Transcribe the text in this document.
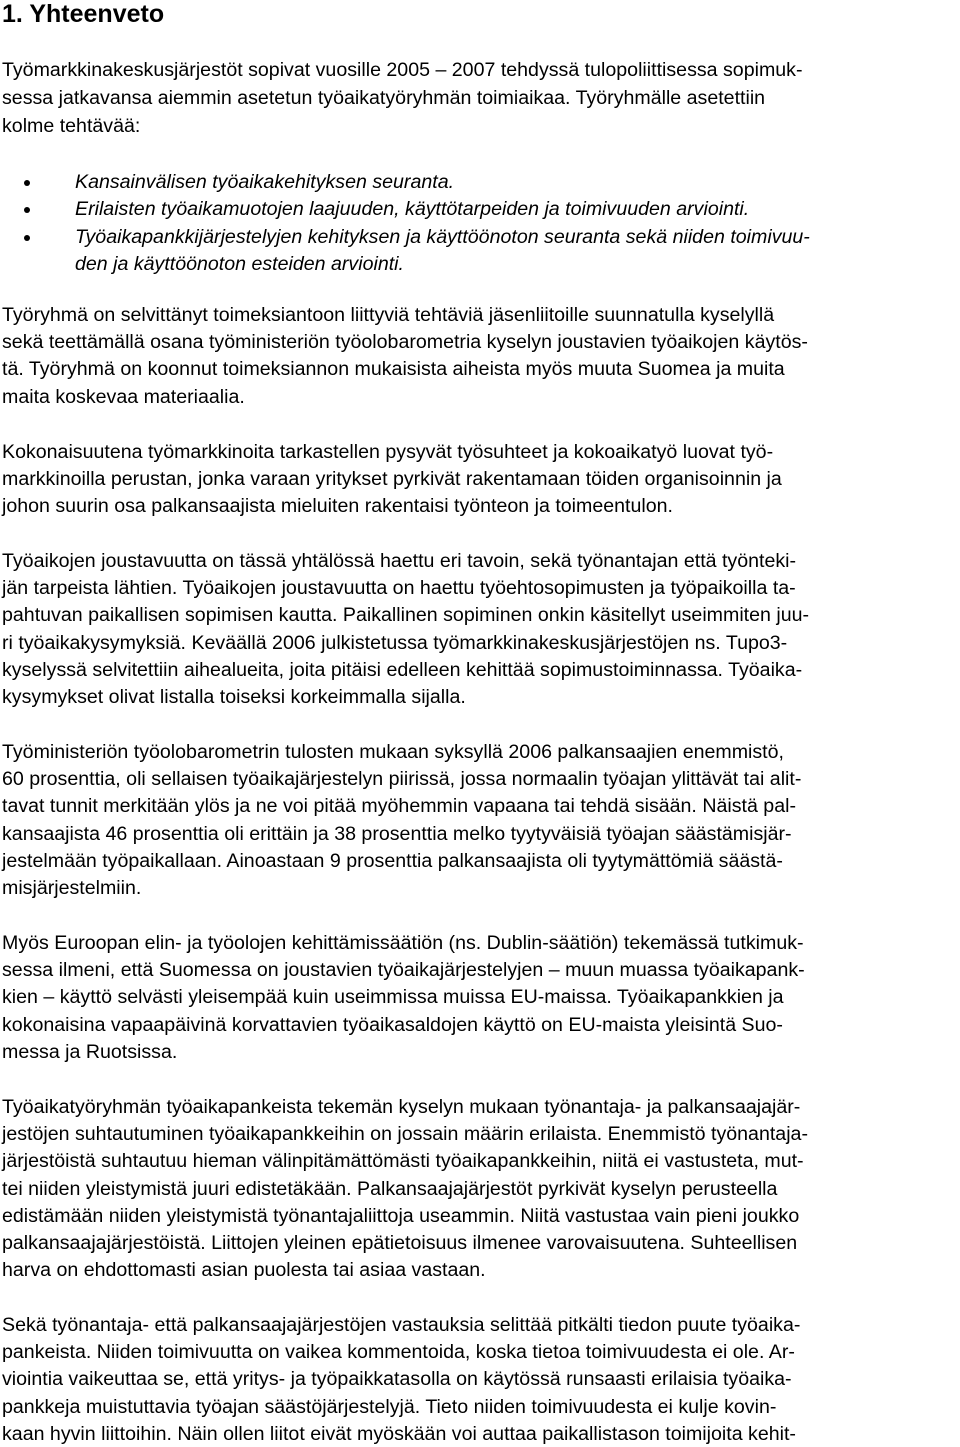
1. Yhteenveto

Työmarkkinakeskusjärjestöt sopivat vuosille 2005 – 2007 tehdyssä tulopoliittisessa sopimuk-

sessa jatkavansa aiemmin asetetun työaikatyöryhmän toimiaikaa. Työryhmälle asetettiin

kolme tehtävää:

Kansainvälisen työaikakehityksen seuranta.

Erilaisten työaikamuotojen laajuuden, käyttötarpeiden ja toimivuuden arviointi.

Työaikapankkijärjestelyjen kehityksen ja käyttöönoton seuranta sekä niiden toimivuu-

den ja käyttöönoton esteiden arviointi.

Työryhmä on selvittänyt toimeksiantoon liittyviä tehtäviä jäsenliitoille suunnatulla kyselyllä

sekä teettämällä osana työministeriön työolobarometria kyselyn joustavien työaikojen käytös-

tä. Työryhmä on koonnut toimeksiannon mukaisista aiheista myös muuta Suomea ja muita

maita koskevaa materiaalia.

Kokonaisuutena työmarkkinoita tarkastellen pysyvät työsuhteet ja kokoaikatyö luovat työ-

markkinoilla perustan, jonka varaan yritykset pyrkivät rakentamaan töiden organisoinnin ja

johon suurin osa palkansaajista mieluiten rakentaisi työnteon ja toimeentulon.

Työaikojen joustavuutta on tässä yhtälössä haettu eri tavoin, sekä työnantajan että työnteki-

jän tarpeista lähtien. Työaikojen joustavuutta on haettu työehtosopimusten ja työpaikoilla ta-

pahtuvan paikallisen sopimisen kautta. Paikallinen sopiminen onkin käsitellyt useimmiten juu-

ri työaikakysymyksiä. Keväällä 2006 julkistetussa työmarkkinakeskusjärjestöjen ns. Tupo3-

kyselyssä selvitettiin aihealueita, joita pitäisi edelleen kehittää sopimustoiminnassa. Työaika-

kysymykset olivat listalla toiseksi korkeimmalla sijalla.

Työministeriön työolobarometrin tulosten mukaan syksyllä 2006 palkansaajien enemmistö,

60 prosenttia, oli sellaisen työaikajärjestelyn piirissä, jossa normaalin työajan ylittävät tai alit-

tavat tunnit merkitään ylös ja ne voi pitää myöhemmin vapaana tai tehdä sisään. Näistä pal-

kansaajista 46 prosenttia oli erittäin ja 38 prosenttia melko tyytyväisiä työajan säästämisjär-

jestelmään työpaikallaan. Ainoastaan 9 prosenttia palkansaajista oli tyytymättömiä säästä-

misjärjestelmiin.

Myös Euroopan elin- ja työolojen kehittämissäätiön (ns. Dublin-säätiön) tekemässä tutkimuk-

sessa ilmeni, että Suomessa on joustavien työaikajärjestelyjen – muun muassa työaikapank-

kien – käyttö selvästi yleisempää kuin useimmissa muissa EU-maissa. Työaikapankkien ja

kokonaisina vapaapäivinä korvattavien työaikasaldojen käyttö on EU-maista yleisintä Suo-

messa ja Ruotsissa.

Työaikatyöryhmän työaikapankeista tekemän kyselyn mukaan työnantaja- ja palkansaajajär-

jestöjen suhtautuminen työaikapankkeihin on jossain määrin erilaista. Enemmistö työnantaja-

järjestöistä suhtautuu hieman välinpitämättömästi työaikapankkeihin, niitä ei vastusteta, mut-

tei niiden yleistymistä juuri edistetäkään. Palkansaajajärjestöt pyrkivät kyselyn perusteella

edistämään niiden yleistymistä työnantajaliittoja useammin. Niitä vastustaa vain pieni joukko

palkansaajajärjestöistä. Liittojen yleinen epätietoisuus ilmenee varovaisuutena. Suhteellisen

harva on ehdottomasti asian puolesta tai asiaa vastaan.

Sekä työnantaja- että palkansaajajärjestöjen vastauksia selittää pitkälti tiedon puute työaika-

pankeista. Niiden toimivuutta on vaikea kommentoida, koska tietoa toimivuudesta ei ole. Ar-

viointia vaikeuttaa se, että yritys- ja työpaikkatasolla on käytössä runsaasti erilaisia työaika-

pankkeja muistuttavia työajan säästöjärjestelyjä. Tieto niiden toimivuudesta ei kulje kovin-

kaan hyvin liittoihin. Näin ollen liitot eivät myöskään voi auttaa paikallistason toimijoita kehit-
